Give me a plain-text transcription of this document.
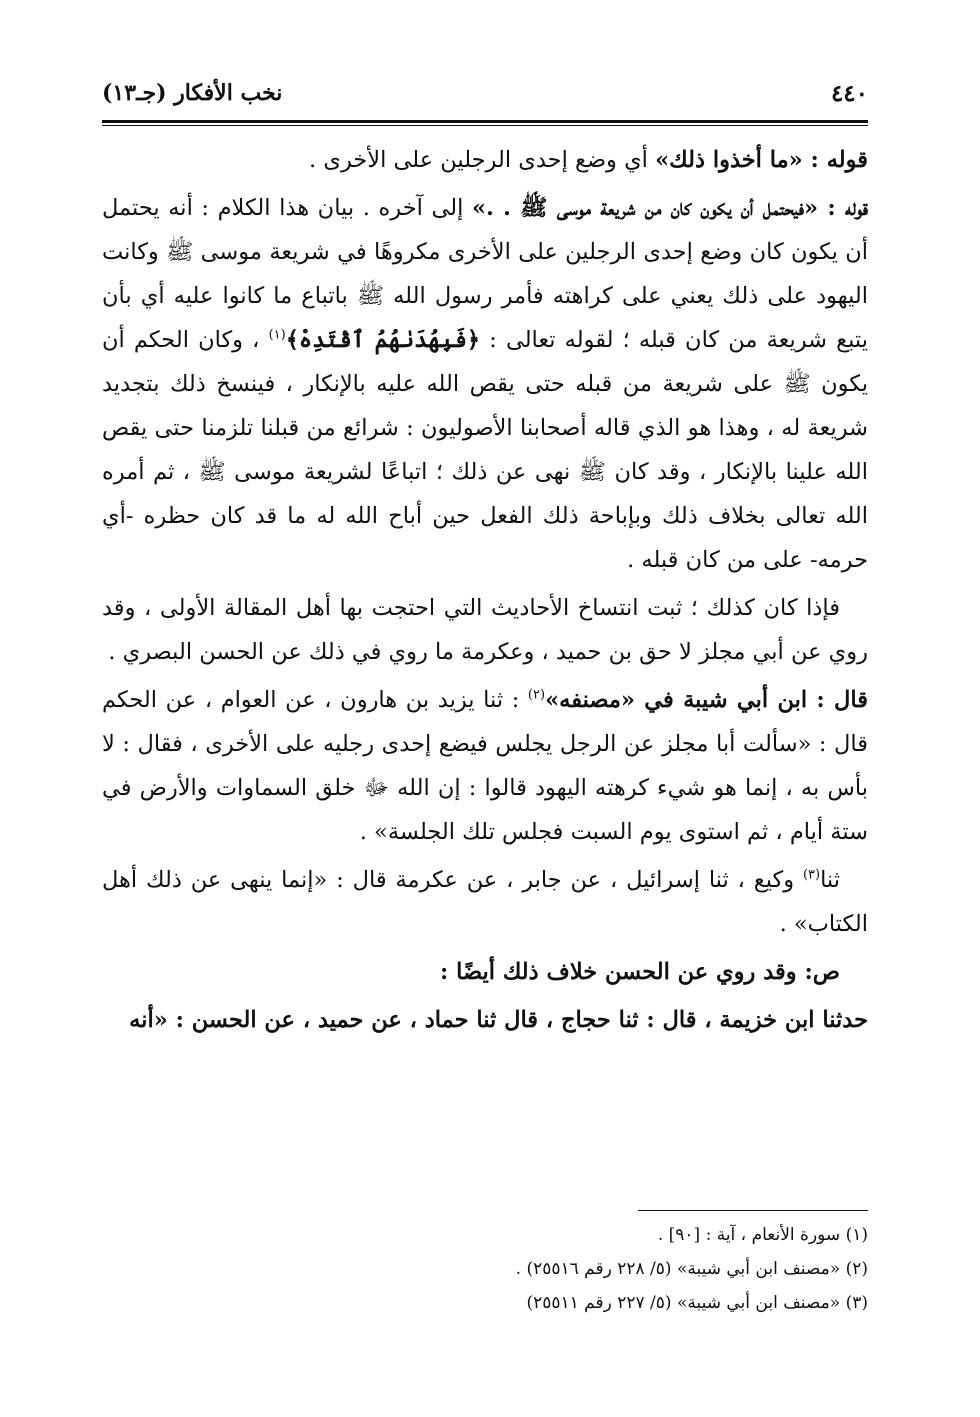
٤٤٠
نخب الأفكار (جـ١٣)

قوله : «ما أخذوا ذلك» أي وضع إحدى الرجلين على الأخرى .

قوله : «فيحتمل أن يكون كان من شريعة موسى ﷺ . .» إلى آخره . بيان هذا الكلام : أنه يحتمل أن يكون كان وضع إحدى الرجلين على الأخرى مكروهًا في شريعة موسى ﷺ وكانت اليهود على ذلك يعني على كراهته فأمر رسول الله ﷺ باتباع ما كانوا عليه أي بأن يتبع شريعة من كان قبله ؛ لقوله تعالى : ﴿فَبِهُدَىٰهُمُ ٱقْتَدِهْ﴾$^{(١)}$ ، وكان الحكم أن يكون ﷺ على شريعة من قبله حتى يقص الله عليه بالإنكار ، فينسخ ذلك بتجديد شريعة له ، وهذا هو الذي قاله أصحابنا الأصوليون : شرائع من قبلنا تلزمنا حتى يقص الله علينا بالإنكار ، وقد كان ﷺ نهى عن ذلك ؛ اتباعًا لشريعة موسى ﷺ ، ثم أمره الله تعالى بخلاف ذلك وبإباحة ذلك الفعل حين أباح الله له ما قد كان حظره -أي حرمه- على من كان قبله .

فإذا كان كذلك ؛ ثبت انتساخ الأحاديث التي احتجت بها أهل المقالة الأولى ، وقد روي عن أبي مجلز لا حق بن حميد ، وعكرمة ما روي في ذلك عن الحسن البصري .

قال : ابن أبي شيبة في «مصنفه»$^{(٢)}$ : ثنا يزيد بن هارون ، عن العوام ، عن الحكم قال : «سألت أبا مجلز عن الرجل يجلس فيضع إحدى رجليه على الأخرى ، فقال : لا بأس به ، إنما هو شيء كرهته اليهود قالوا : إن الله ﷻ خلق السماوات والأرض في ستة أيام ، ثم استوى يوم السبت فجلس تلك الجلسة» .

ثنا$^{(٣)}$ وكيع ، ثنا إسرائيل ، عن جابر ، عن عكرمة قال : «إنما ينهى عن ذلك أهل الكتاب» .

ص: وقد روي عن الحسن خلاف ذلك أيضًا :

حدثنا ابن خزيمة ، قال : ثنا حجاج ، قال ثنا حماد ، عن حميد ، عن الحسن : «أنه

(١) سورة الأنعام ، آية : [٩٠] .
(٢) «مصنف ابن أبي شيبة» (٥/ ٢٢٨ رقم ٢٥٥١٦) .
(٣) «مصنف ابن أبي شيبة» (٥/ ٢٢٧ رقم ٢٥٥١١)
